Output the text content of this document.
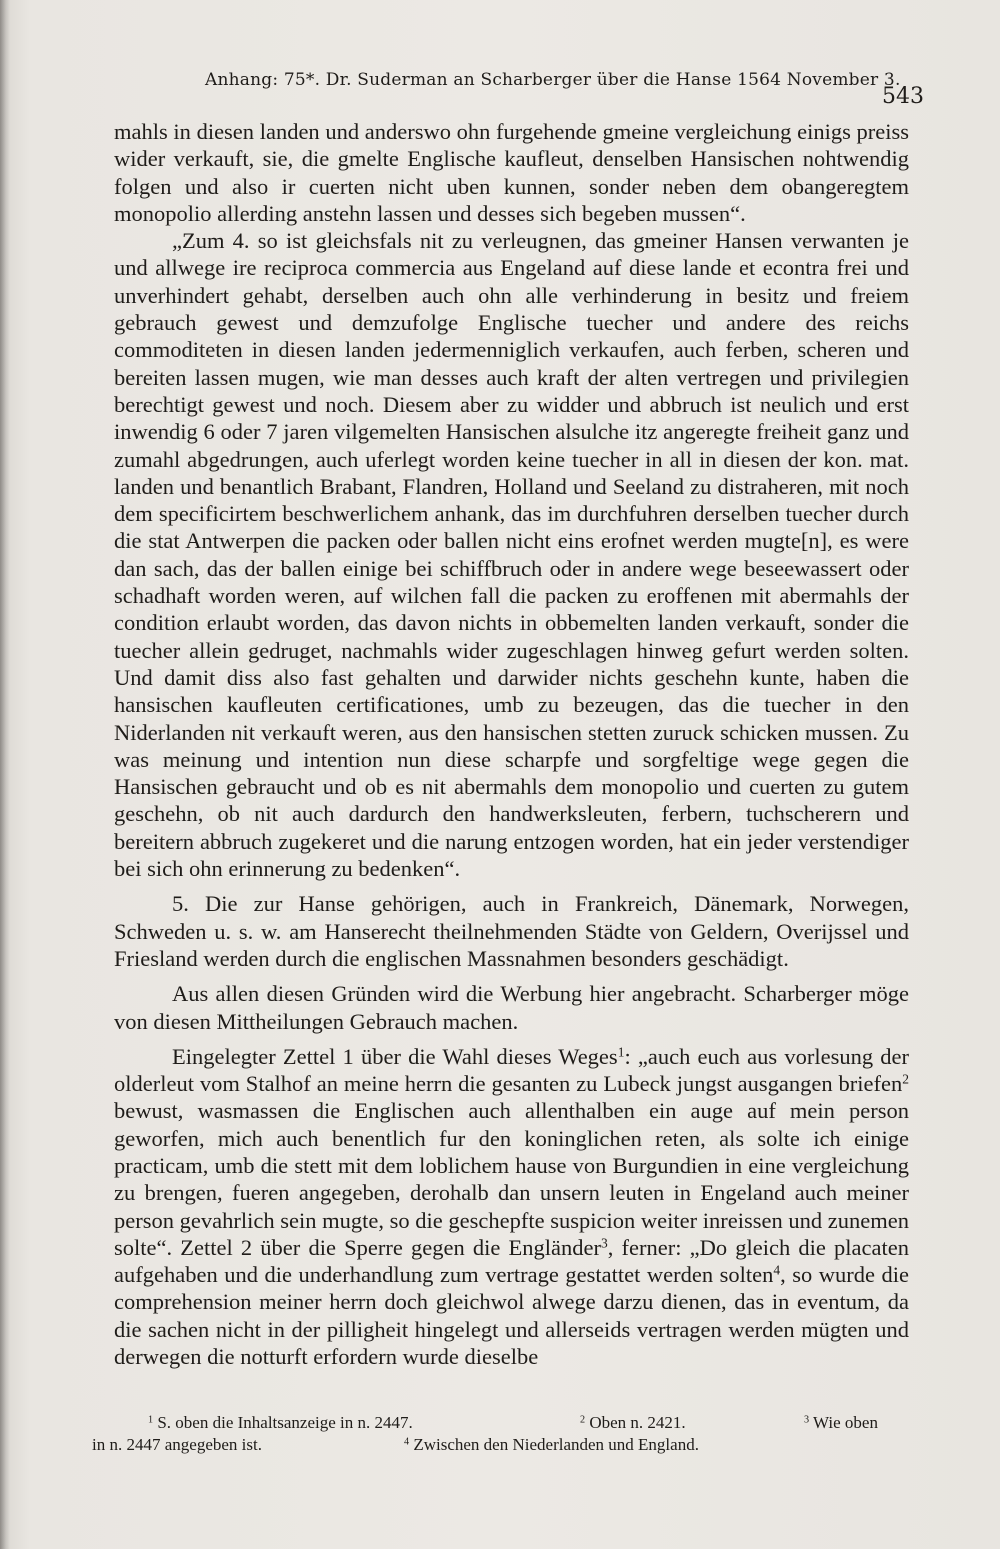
Anhang: 75*. Dr. Suderman an Scharberger über die Hanse 1564 November 3.
543

mahls in diesen landen und anderswo ohn furgehende gmeine vergleichung einigs preiss wider verkauft, sie, die gmelte Englische kaufleut, denselben Hansischen nohtwendig folgen und also ir cuerten nicht uben kunnen, sonder neben dem obangeregtem monopolio allerding anstehn lassen und desses sich begeben mussen“.

„Zum 4. so ist gleichsfals nit zu verleugnen, das gmeiner Hansen verwanten je und allwege ire reciproca commercia aus Engeland auf diese lande et econtra frei und unverhindert gehabt, derselben auch ohn alle verhinderung in besitz und freiem gebrauch gewest und demzufolge Englische tuecher und andere des reichs commoditeten in diesen landen jedermenniglich verkaufen, auch ferben, scheren und bereiten lassen mugen, wie man desses auch kraft der alten vertregen und privilegien berechtigt gewest und noch. Diesem aber zu widder und abbruch ist neulich und erst inwendig 6 oder 7 jaren vilgemelten Hansischen alsulche itz angeregte freiheit ganz und zumahl abgedrungen, auch uferlegt worden keine tuecher in all in diesen der kon. mat. landen und benantlich Brabant, Flandren, Holland und Seeland zu distraheren, mit noch dem specificirtem beschwerlichem anhank, das im durchfuhren derselben tuecher durch die stat Antwerpen die packen oder ballen nicht eins erofnet werden mugte[n], es were dan sach, das der ballen einige bei schiffbruch oder in andere wege beseewassert oder schadhaft worden weren, auf wilchen fall die packen zu eroffenen mit abermahls der condition erlaubt worden, das davon nichts in obbemelten landen verkauft, sonder die tuecher allein gedruget, nachmahls wider zugeschlagen hinweg gefurt werden solten. Und damit diss also fast gehalten und darwider nichts geschehn kunte, haben die hansischen kaufleuten certificationes, umb zu bezeugen, das die tuecher in den Niderlanden nit verkauft weren, aus den hansischen stetten zuruck schicken mussen. Zu was meinung und intention nun diese scharpfe und sorgfeltige wege gegen die Hansischen gebraucht und ob es nit abermahls dem monopolio und cuerten zu gutem geschehn, ob nit auch dardurch den handwerksleuten, ferbern, tuchscherern und bereitern abbruch zugekeret und die narung entzogen worden, hat ein jeder verstendiger bei sich ohn erinnerung zu bedenken“.

5. Die zur Hanse gehörigen, auch in Frankreich, Dänemark, Norwegen, Schweden u. s. w. am Hanserecht theilnehmenden Städte von Geldern, Overijssel und Friesland werden durch die englischen Massnahmen besonders geschädigt.

Aus allen diesen Gründen wird die Werbung hier angebracht. Scharberger möge von diesen Mittheilungen Gebrauch machen.

Eingelegter Zettel 1 über die Wahl dieses Weges$^1$: „auch euch aus vorlesung der olderleut vom Stalhof an meine herrn die gesanten zu Lubeck jungst ausgangen briefen$^2$ bewust, wasmassen die Englischen auch allenthalben ein auge auf mein person geworfen, mich auch benentlich fur den koninglichen reten, als solte ich einige practicam, umb die stett mit dem loblichem hause von Burgundien in eine vergleichung zu brengen, fueren angegeben, derohalb dan unsern leuten in Engeland auch meiner person gevahrlich sein mugte, so die geschepfte suspicion weiter inreissen und zunemen solte“. Zettel 2 über die Sperre gegen die Engländer$^3$, ferner: „Do gleich die placaten aufgehaben und die underhandlung zum vertrage gestattet werden solten$^4$, so wurde die comprehension meiner herrn doch gleichwol alwege darzu dienen, das in eventum, da die sachen nicht in der pilligheit hingelegt und allerseids vertragen werden mügten und derwegen die notturft erfordern wurde dieselbe

$^1$ S. oben die Inhaltsanzeige in n. 2447.	$^2$ Oben n. 2421.	$^3$ Wie oben
in n. 2447 angegeben ist.	$^4$ Zwischen den Niederlanden und England.
